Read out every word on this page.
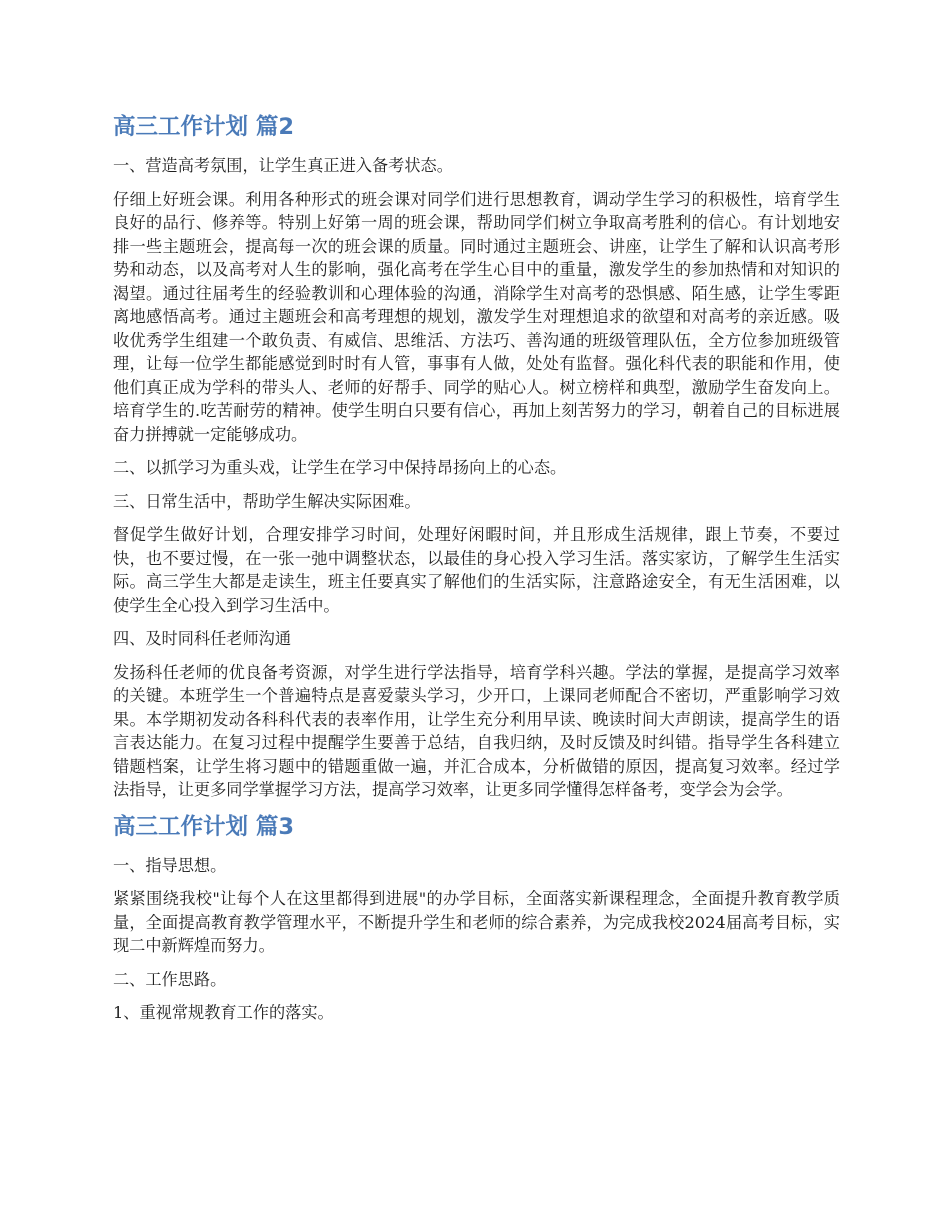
高三工作计划 篇2

一、营造高考氛围，让学生真正进入备考状态。

仔细上好班会课。利用各种形式的班会课对同学们进行思想教育，调动学生学习的积极性，培育学生良好的品行、修养等。特别上好第一周的班会课，帮助同学们树立争取高考胜利的信心。有计划地安排一些主题班会，提高每一次的班会课的质量。同时通过主题班会、讲座，让学生了解和认识高考形势和动态，以及高考对人生的影响，强化高考在学生心目中的重量，激发学生的参加热情和对知识的渴望。通过往届考生的经验教训和心理体验的沟通，消除学生对高考的恐惧感、陌生感，让学生零距离地感悟高考。通过主题班会和高考理想的规划，激发学生对理想追求的欲望和对高考的亲近感。吸收优秀学生组建一个敢负责、有威信、思维活、方法巧、善沟通的班级管理队伍，全方位参加班级管理，让每一位学生都能感觉到时时有人管，事事有人做，处处有监督。强化科代表的职能和作用，使他们真正成为学科的带头人、老师的好帮手、同学的贴心人。树立榜样和典型，激励学生奋发向上。培育学生的.吃苦耐劳的精神。使学生明白只要有信心，再加上刻苦努力的学习，朝着自己的目标进展奋力拼搏就一定能够成功。

二、以抓学习为重头戏，让学生在学习中保持昂扬向上的心态。

三、日常生活中，帮助学生解决实际困难。

督促学生做好计划，合理安排学习时间，处理好闲暇时间，并且形成生活规律，跟上节奏，不要过快，也不要过慢，在一张一弛中调整状态，以最佳的身心投入学习生活。落实家访，了解学生生活实际。高三学生大都是走读生，班主任要真实了解他们的生活实际，注意路途安全，有无生活困难，以使学生全心投入到学习生活中。

四、及时同科任老师沟通

发扬科任老师的优良备考资源，对学生进行学法指导，培育学科兴趣。学法的掌握，是提高学习效率的关键。本班学生一个普遍特点是喜爱蒙头学习，少开口，上课同老师配合不密切，严重影响学习效果。本学期初发动各科科代表的表率作用，让学生充分利用早读、晚读时间大声朗读，提高学生的语言表达能力。在复习过程中提醒学生要善于总结，自我归纳，及时反馈及时纠错。指导学生各科建立错题档案，让学生将习题中的错题重做一遍，并汇合成本，分析做错的原因，提高复习效率。经过学法指导，让更多同学掌握学习方法，提高学习效率，让更多同学懂得怎样备考，变学会为会学。

高三工作计划 篇3

一、指导思想。

紧紧围绕我校"让每个人在这里都得到进展"的办学目标，全面落实新课程理念，全面提升教育教学质量，全面提高教育教学管理水平，不断提升学生和老师的综合素养，为完成我校2024届高考目标，实现二中新辉煌而努力。

二、工作思路。

1、重视常规教育工作的落实。
